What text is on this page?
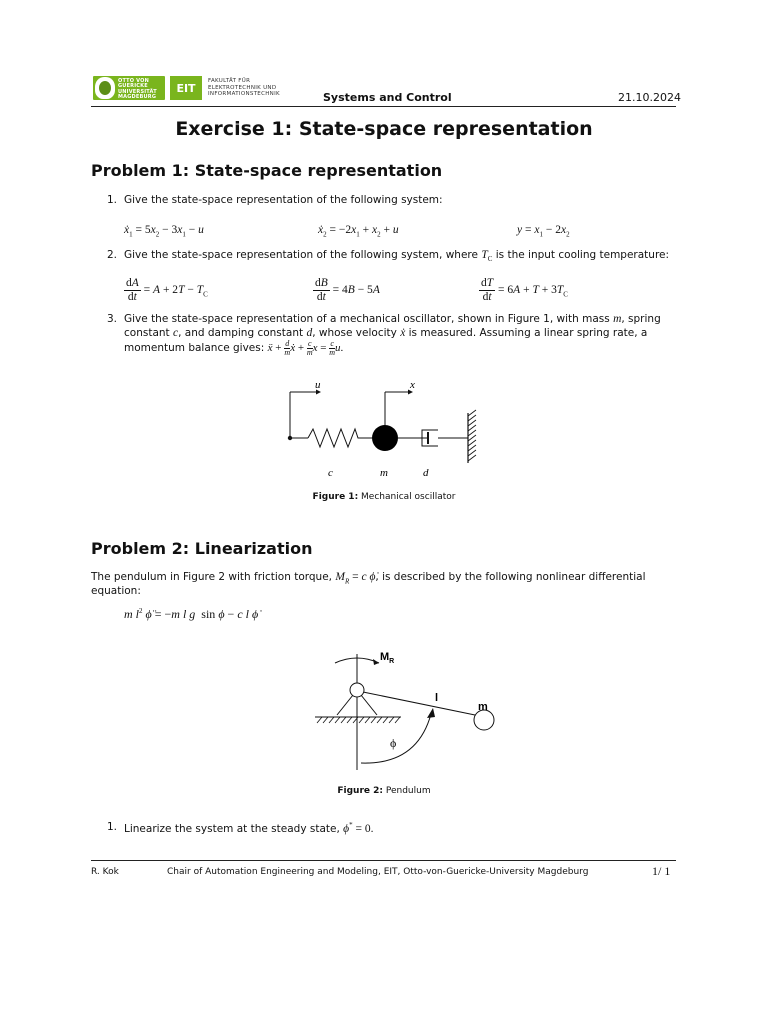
OTTO VON GUERICKE UNIVERSITÄT MAGDEBURG
EIT
FAKULTÄT FÜR
ELEKTROTECHNIK UND
INFORMATIONSTECHNIK	Systems and Control	21.10.2024
Exercise 1: State-space representation
Problem 1: State-space representation
1. Give the state-space representation of the following system:
ẋ$_1$ = $5x_2 - 3x_1 - u$	ẋ$_2$ = $-2x_1 + x_2 + u$	$y = x_1 - 2x_2$
2. Give the state-space representation of the following system, where $T_C$ is the input cooling temperature:
$\frac{dA}{dt} = A + 2T - T_C$	$\frac{dB}{dt} = 4B - 5A$	$\frac{dT}{dt} = 6A + T + 3T_C$
3. Give the state-space representation of a mechanical oscillator, shown in Figure 1, with mass m, spring
constant c, and damping constant d, whose velocity ẋ is measured. Assuming a linear spring rate, a
momentum balance gives: ẍ + $\frac{d}{m}$ ẋ + $\frac{c}{m}$ $x = \frac{c}{m} u$.
u	x
c	m	d
Figure 1: Mechanical oscillator
Problem 2: Linearization
The pendulum in Figure 2 with friction torque, $M_R = c$ ϕ̇, is described by the following nonlinear differential
equation:
m $l^2$ ϕ̈ = −m l g  sin ϕ − c l ϕ̇
$M_R$
l
m
ϕ
Figure 2: Pendulum
1. Linearize the system at the steady state, ϕ* = 0.
R. Kok	Chair of Automation Engineering and Modeling, EIT, Otto-von-Guericke-University Magdeburg	1/ 1
